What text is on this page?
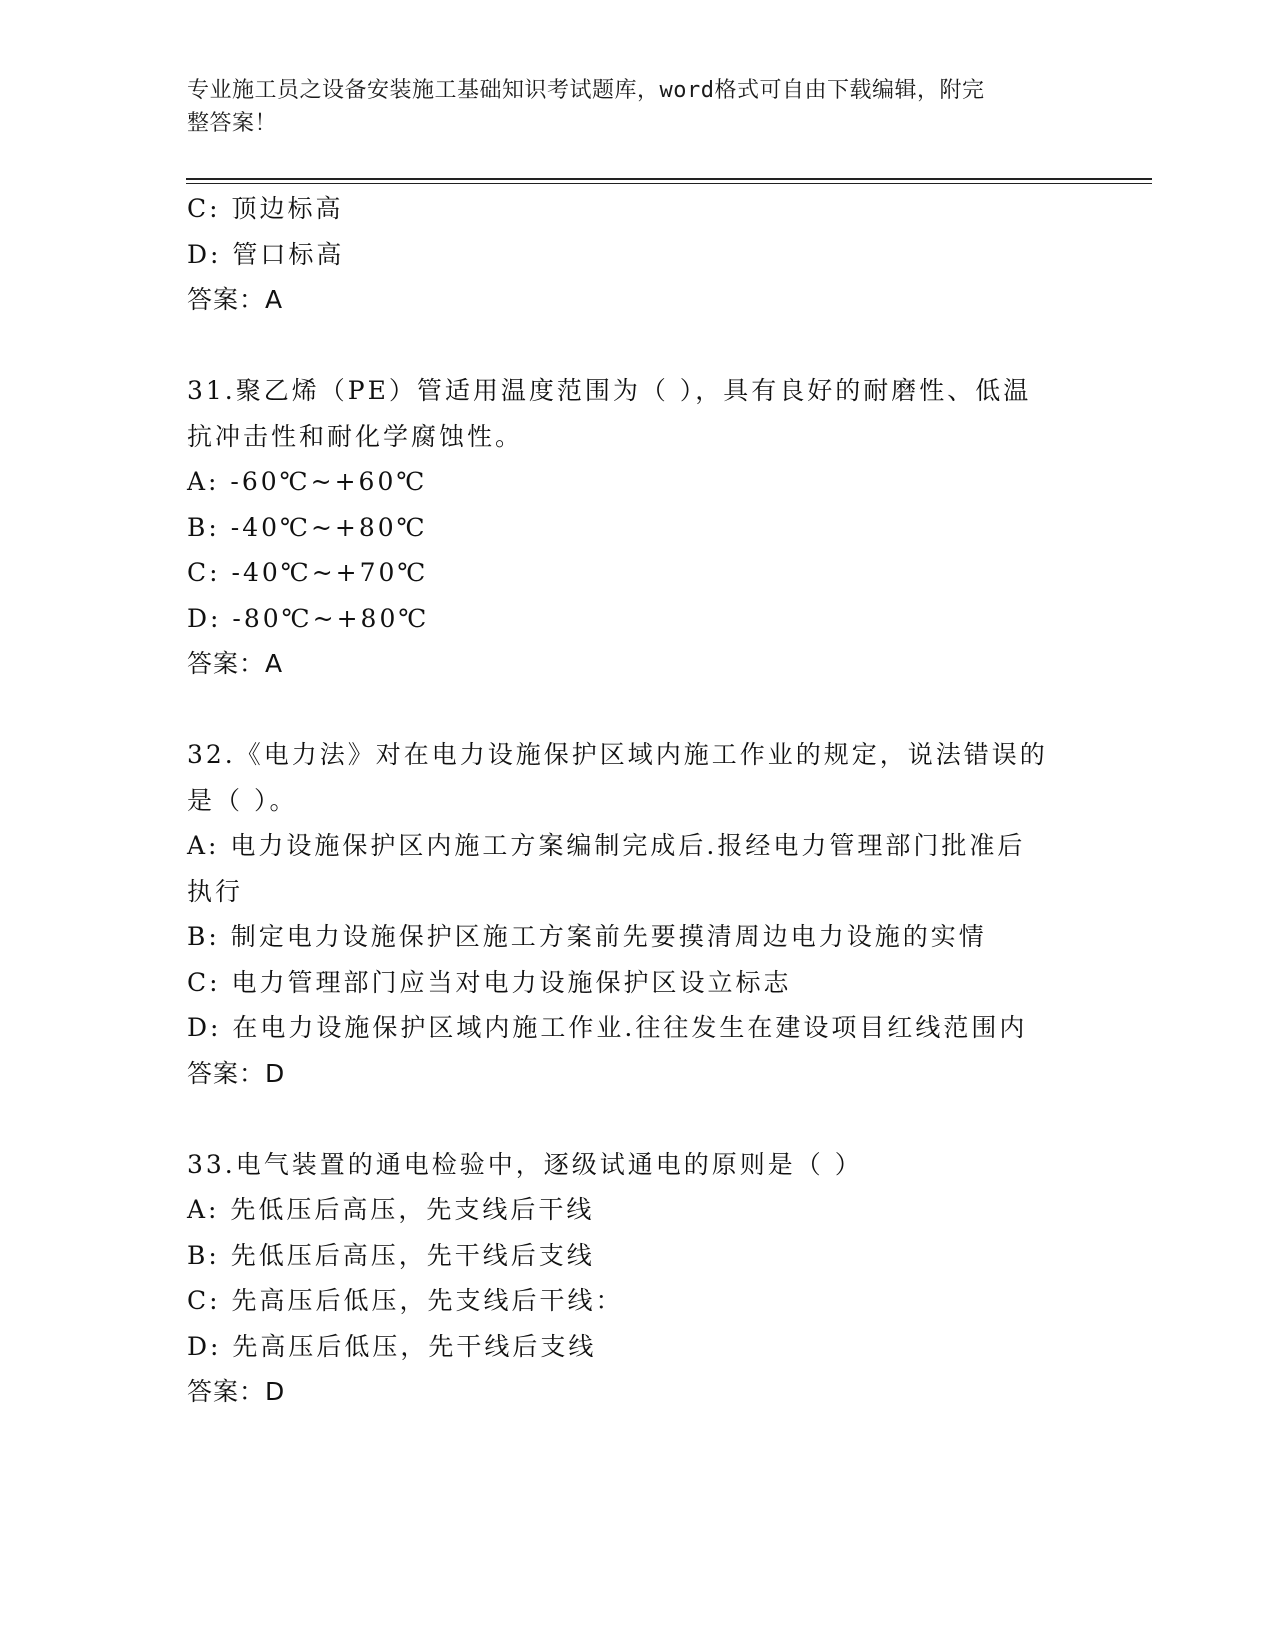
专业施工员之设备安装施工基础知识考试题库，word格式可自由下载编辑，附完
整答案！
C: 顶边标高
D: 管口标高
答案：A
31.聚乙烯（PE）管适用温度范围为（ ），具有良好的耐磨性、低温
抗冲击性和耐化学腐蚀性。
A: -60℃~+60℃
B: -40℃~+80℃
C: -40℃~+70℃
D: -80℃~+80℃
答案：A
32.《电力法》对在电力设施保护区域内施工作业的规定，说法错误的
是（ ）。
A: 电力设施保护区内施工方案编制完成后.报经电力管理部门批准后
执行
B: 制定电力设施保护区施工方案前先要摸清周边电力设施的实情
C: 电力管理部门应当对电力设施保护区设立标志
D: 在电力设施保护区域内施工作业.往往发生在建设项目红线范围内
答案：D
33.电气装置的通电检验中，逐级试通电的原则是（ ）
A: 先低压后高压，先支线后干线
B: 先低压后高压，先干线后支线
C: 先高压后低压，先支线后干线：
D: 先高压后低压，先干线后支线
答案：D
